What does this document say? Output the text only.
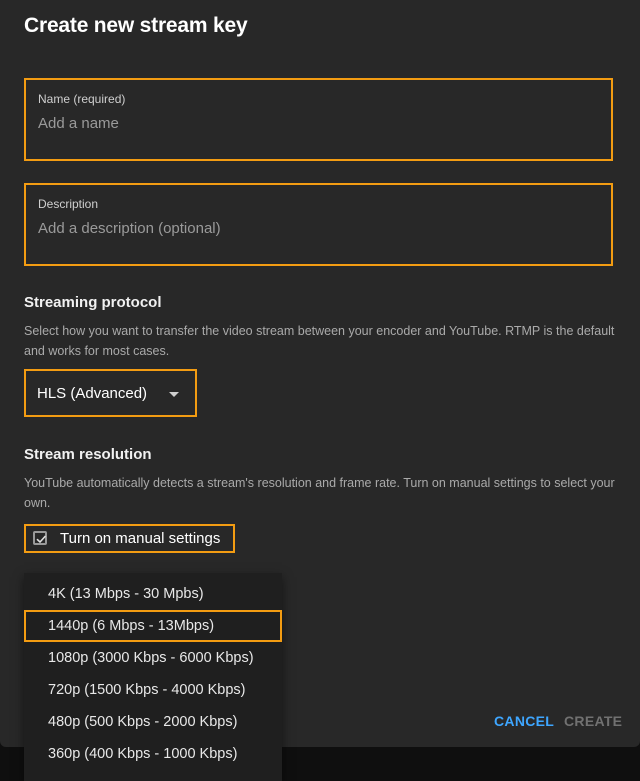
Create new stream key
Name (required)
Add a name
Description
Add a description (optional)
Streaming protocol
Select how you want to transfer the video stream between your encoder and YouTube. RTMP is the default and works for most cases.
HLS (Advanced)
Stream resolution
YouTube automatically detects a stream's resolution and frame rate. Turn on manual settings to select your own.
Turn on manual settings
CANCEL CREATE
4K (13 Mbps - 30 Mpbs)
1440p (6 Mbps - 13Mbps)
1080p (3000 Kbps - 6000 Kbps)
720p (1500 Kbps - 4000 Kbps)
480p (500 Kbps - 2000 Kbps)
360p (400 Kbps - 1000 Kbps)
